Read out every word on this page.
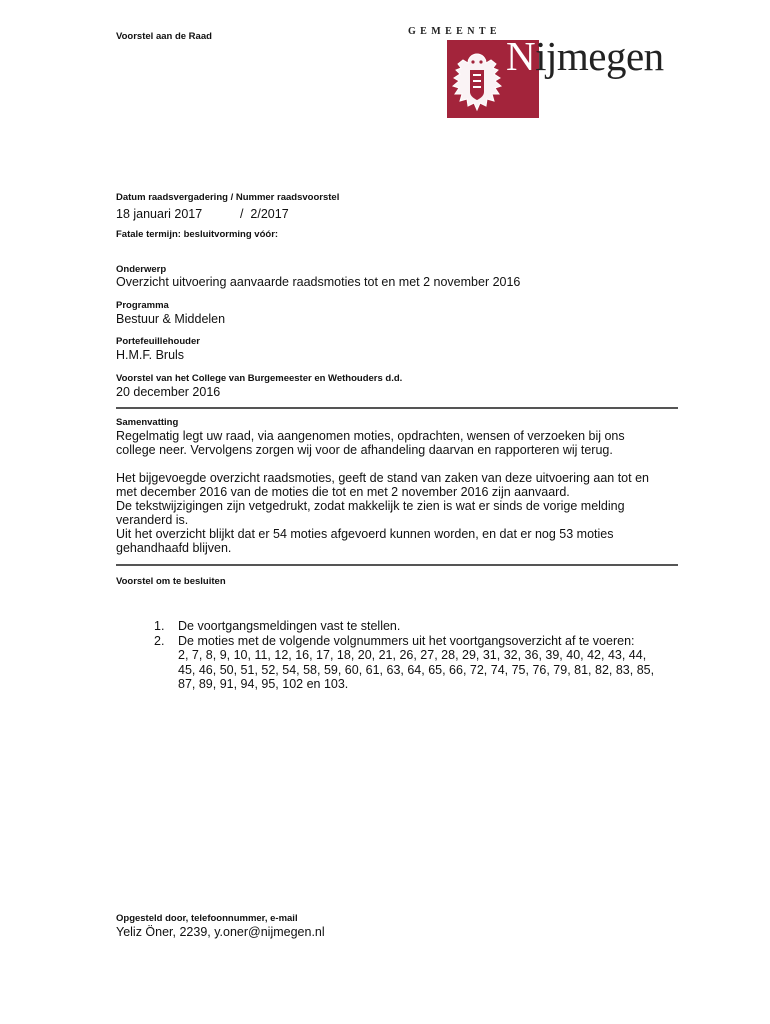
Voorstel aan de Raad	GEMEENTE
Nijmegen
Datum raadsvergadering / Nummer raadsvoorstel
18 januari 2017	/  2/2017
Fatale termijn: besluitvorming vóór:
Onderwerp
Overzicht uitvoering aanvaarde raadsmoties tot en met 2 november 2016
Programma
Bestuur & Middelen
Portefeuillehouder
H.M.F. Bruls
Voorstel van het College van Burgemeester en Wethouders d.d.
20 december 2016
Samenvatting

Regelmatig legt uw raad, via aangenomen moties, opdrachten, wensen of verzoeken bij ons

college neer. Vervolgens zorgen wij voor de afhandeling daarvan en rapporteren wij terug.

Het bijgevoegde overzicht raadsmoties, geeft de stand van zaken van deze uitvoering aan tot en

met december 2016 van de moties die tot en met 2 november 2016 zijn aanvaard.

De tekstwijzigingen zijn vetgedrukt, zodat makkelijk te zien is wat er sinds de vorige melding

veranderd is.

Uit het overzicht blijkt dat er 54 moties afgevoerd kunnen worden, en dat er nog 53 moties

gehandhaafd blijven.

Voorstel om te besluiten
1. De voortgangsmeldingen vast te stellen.
2. De moties met de volgende volgnummers uit het voortgangsoverzicht af te voeren:
2, 7, 8, 9, 10, 11, 12, 16, 17, 18, 20, 21, 26, 27, 28, 29, 31, 32, 36, 39, 40, 42, 43, 44,
45, 46, 50, 51, 52, 54, 58, 59, 60, 61, 63, 64, 65, 66, 72, 74, 75, 76, 79, 81, 82, 83, 85,
87, 89, 91, 94, 95, 102 en 103.
Opgesteld door, telefoonnummer, e-mail
Yeliz Öner, 2239, y.oner@nijmegen.nl
